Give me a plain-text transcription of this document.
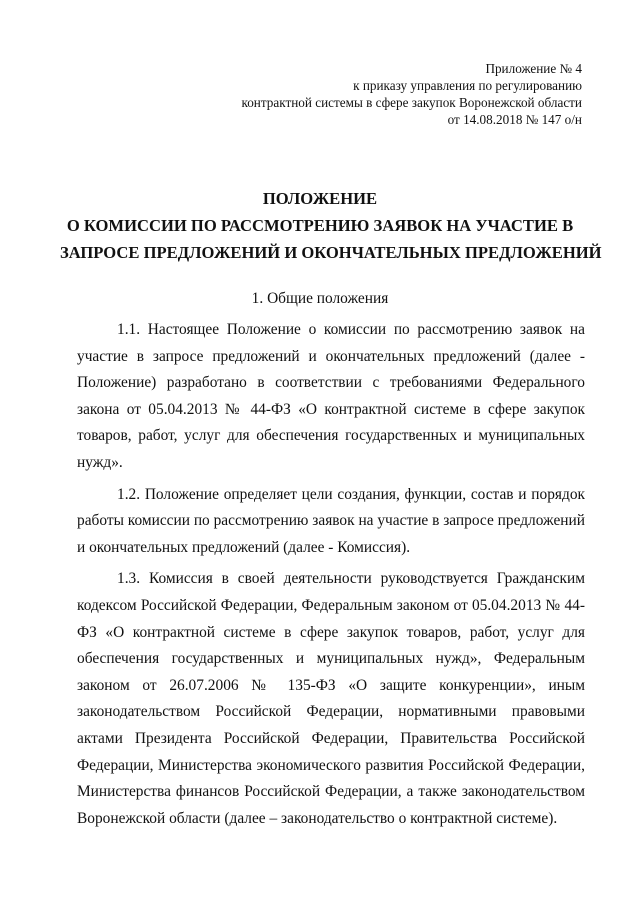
Приложение № 4
к приказу управления по регулированию
контрактной системы в сфере закупок Воронежской области
от 14.08.2018 № 147 о/н
ПОЛОЖЕНИЕ
О КОМИССИИ ПО РАССМОТРЕНИЮ ЗАЯВОК НА УЧАСТИЕ В
ЗАПРОСЕ ПРЕДЛОЖЕНИЙ И ОКОНЧАТЕЛЬНЫХ ПРЕДЛОЖЕНИЙ
1. Общие положения

1.1. Настоящее Положение о комиссии по рассмотрению заявок на участие в запросе предложений и окончательных предложений (далее - Положение) разработано в соответствии с требованиями Федерального закона от 05.04.2013 № 44-ФЗ «О контрактной системе в сфере закупок товаров, работ, услуг для обеспечения государственных и муниципальных нужд».

1.2. Положение определяет цели создания, функции, состав и порядок работы комиссии по рассмотрению заявок на участие в запросе предложений и окончательных предложений (далее - Комиссия).

1.3. Комиссия в своей деятельности руководствуется Гражданским кодексом Российской Федерации, Федеральным законом от 05.04.2013 № 44-ФЗ «О контрактной системе в сфере закупок товаров, работ, услуг для обеспечения государственных и муниципальных нужд», Федеральным законом от 26.07.2006 № 135-ФЗ «О защите конкуренции», иным законодательством Российской Федерации, нормативными правовыми актами Президента Российской Федерации, Правительства Российской Федерации, Министерства экономического развития Российской Федерации, Министерства финансов Российской Федерации, а также законодательством Воронежской области (далее – законодательство о контрактной системе).
